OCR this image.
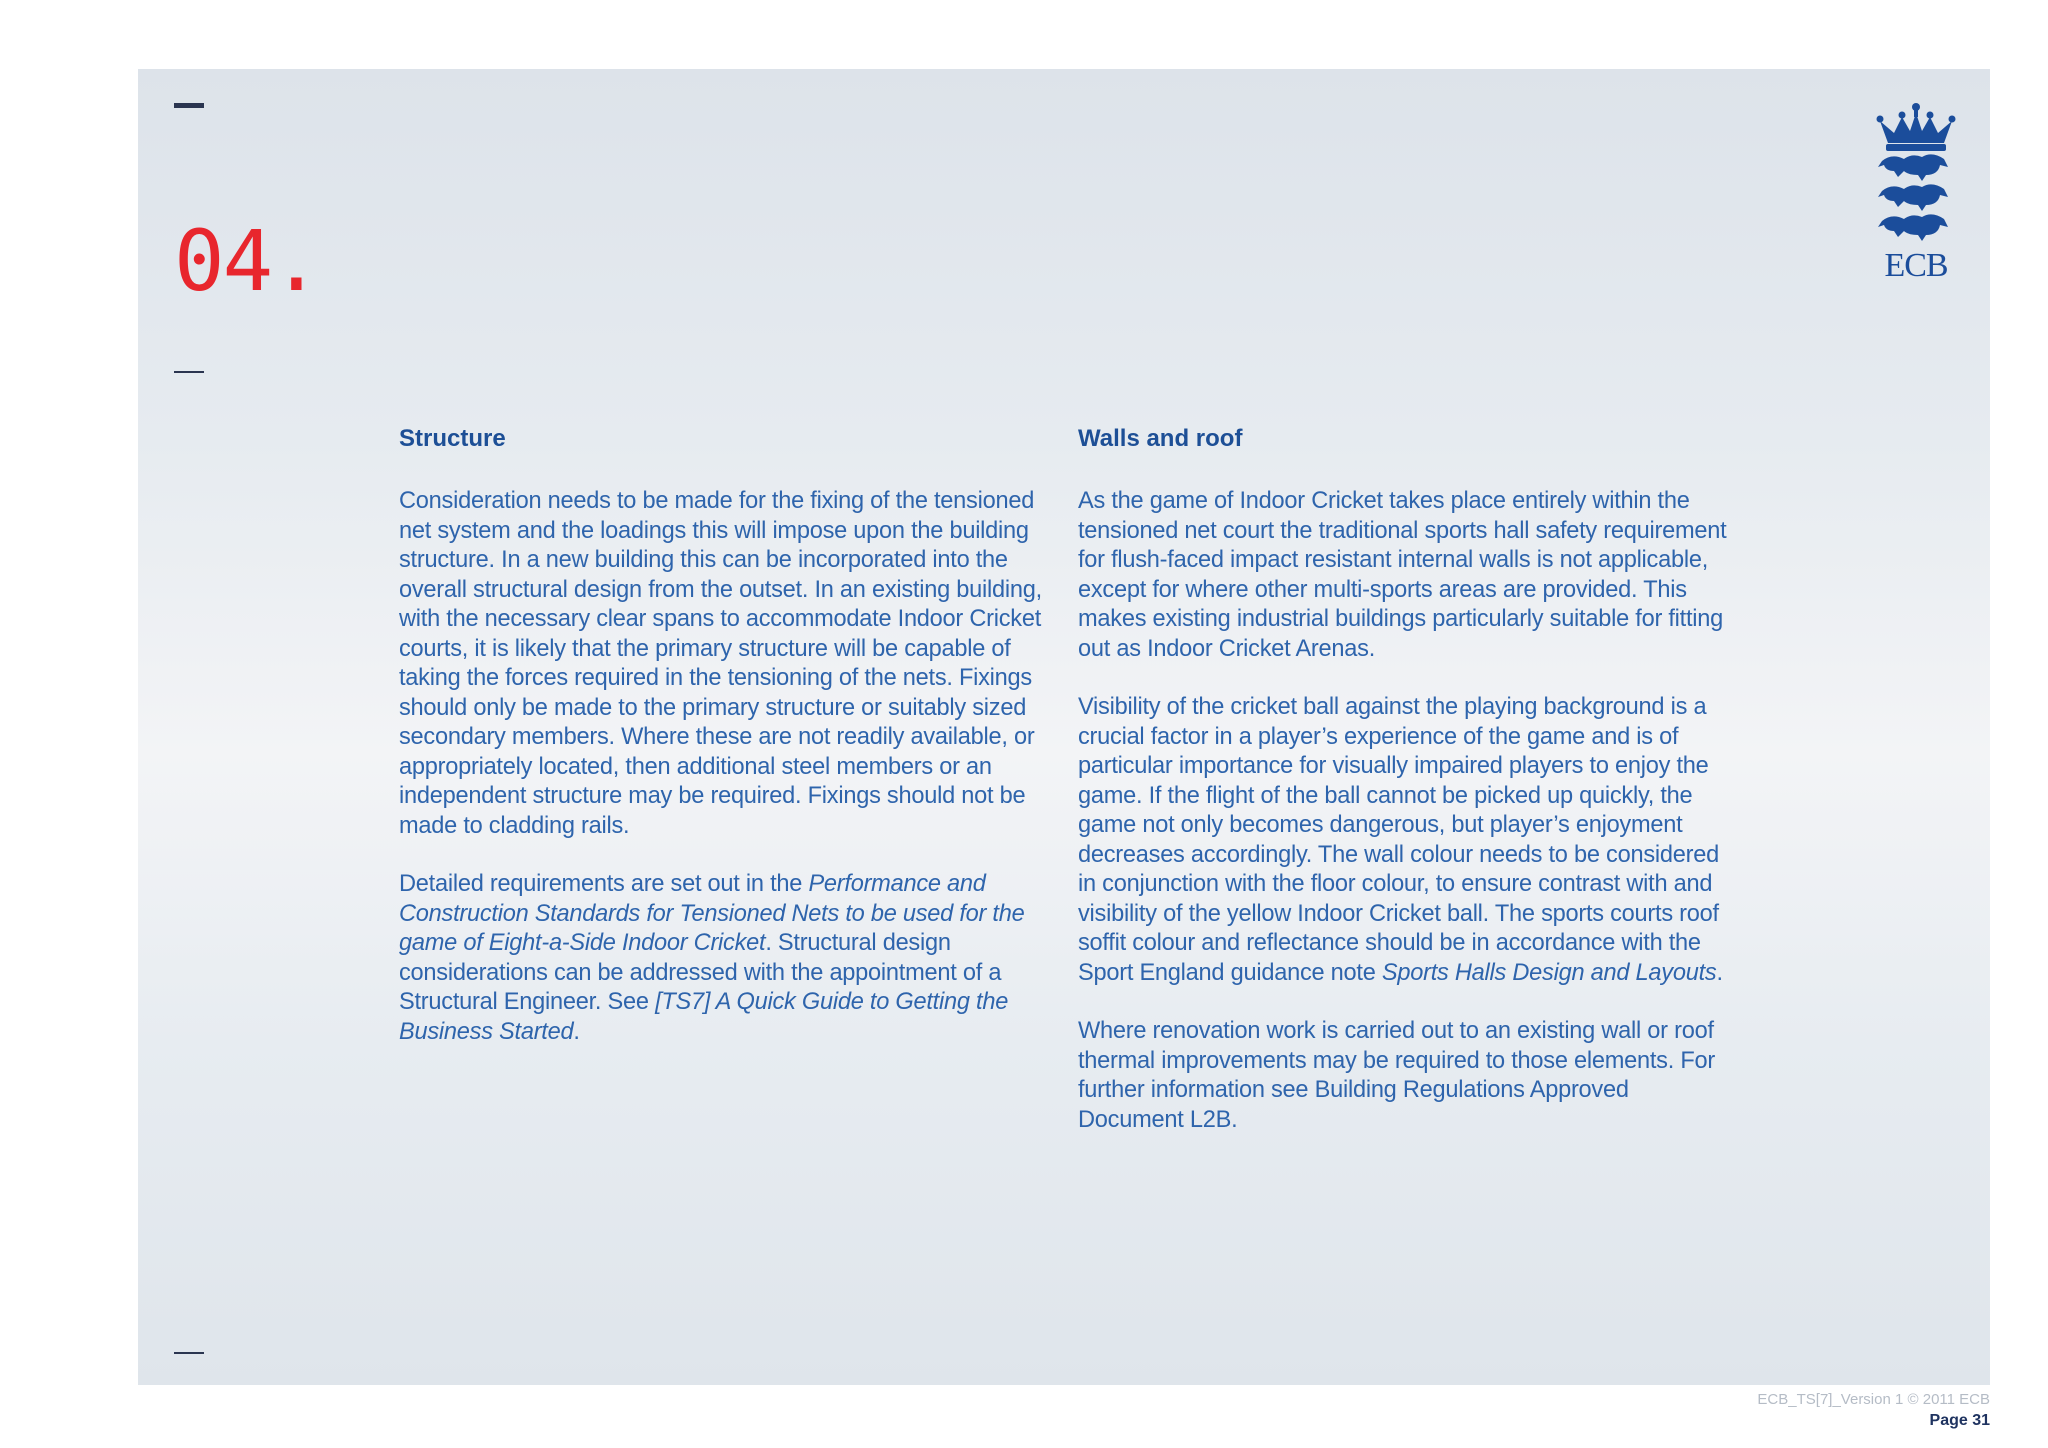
04.	ECB
Structure

Consideration needs to be made for the fixing of the tensioned net system and the loadings this will impose upon the building structure. In a new building this can be incorporated into the overall structural design from the outset. In an existing building, with the necessary clear spans to accommodate Indoor Cricket courts, it is likely that the primary structure will be capable of taking the forces required in the tensioning of the nets. Fixings should only be made to the primary structure or suitably sized secondary members. Where these are not readily available, or appropriately located, then additional steel members or an independent structure may be required. Fixings should not be made to cladding rails.

Detailed requirements are set out in the Performance and Construction Standards for Tensioned Nets to be used for the game of Eight-a-Side Indoor Cricket. Structural design considerations can be addressed with the appointment of a Structural Engineer. See [TS7] A Quick Guide to Getting the Business Started.

Walls and roof

As the game of Indoor Cricket takes place entirely within the tensioned net court the traditional sports hall safety requirement for flush-faced impact resistant internal walls is not applicable, except for where other multi-sports areas are provided. This makes existing industrial buildings particularly suitable for fitting out as Indoor Cricket Arenas.

Visibility of the cricket ball against the playing background is a crucial factor in a player’s experience of the game and is of particular importance for visually impaired players to enjoy the game. If the flight of the ball cannot be picked up quickly, the game not only becomes dangerous, but player’s enjoyment decreases accordingly. The wall colour needs to be considered in conjunction with the floor colour, to ensure contrast with and visibility of the yellow Indoor Cricket ball. The sports courts roof soffit colour and reflectance should be in accordance with the Sport England guidance note Sports Halls Design and Layouts.

Where renovation work is carried out to an existing wall or roof thermal improvements may be required to those elements. For further information see Building Regulations Approved Document L2B.

ECB_TS[7]_Version 1 © 2011 ECB
Page 31
